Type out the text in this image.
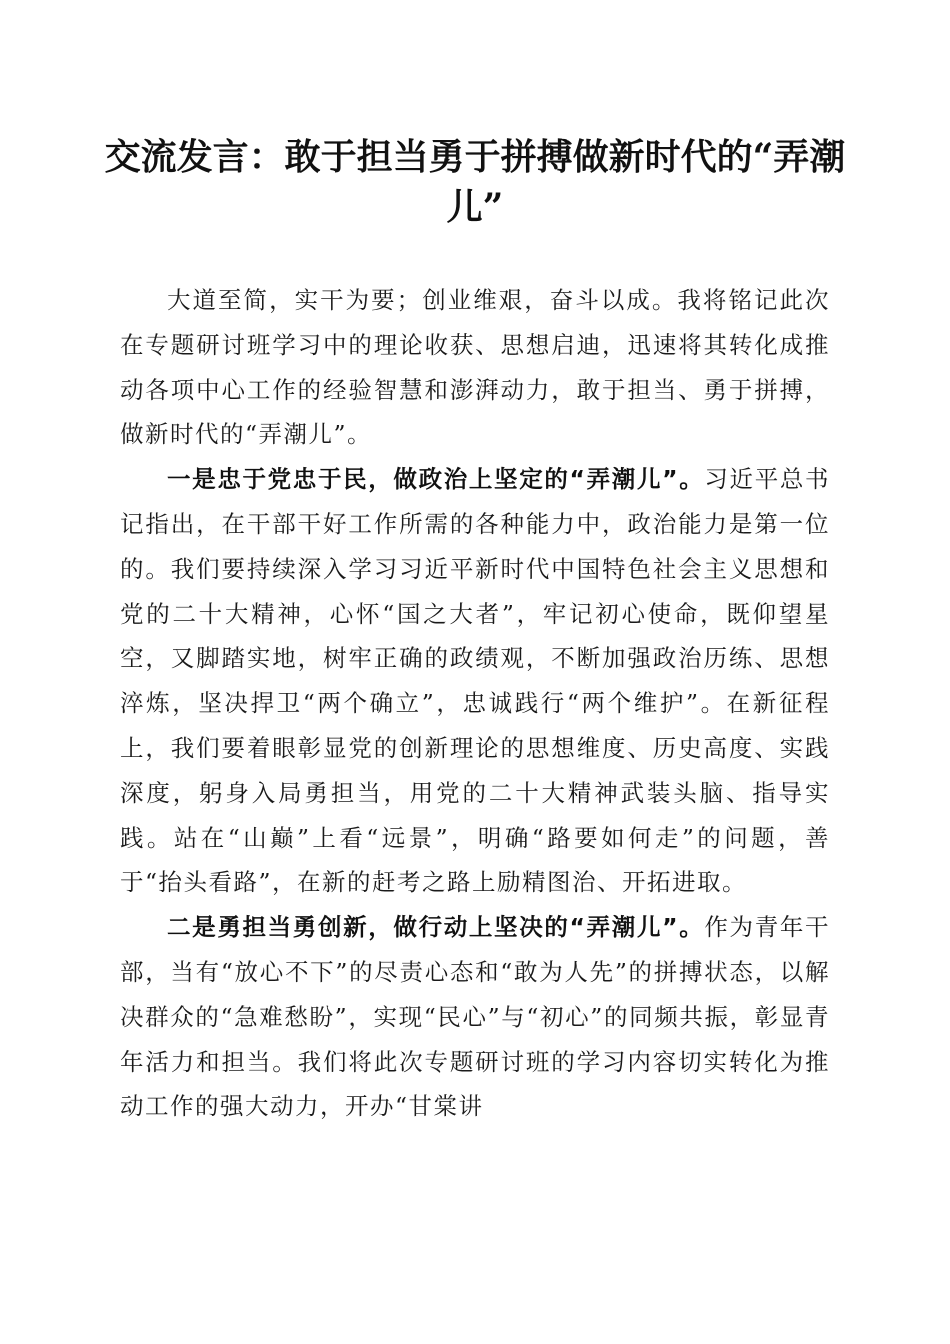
交流发言：敢于担当勇于拼搏做新时代的“弄潮儿”

大道至简，实干为要；创业维艰，奋斗以成。我将铭记此次在专题研讨班学习中的理论收获、思想启迪，迅速将其转化成推动各项中心工作的经验智慧和澎湃动力，敢于担当、勇于拼搏，做新时代的“弄潮儿”。

一是忠于党忠于民，做政治上坚定的“弄潮儿”。习近平总书记指出，在干部干好工作所需的各种能力中，政治能力是第一位的。我们要持续深入学习习近平新时代中国特色社会主义思想和党的二十大精神，心怀“国之大者”，牢记初心使命，既仰望星空，又脚踏实地，树牢正确的政绩观，不断加强政治历练、思想淬炼，坚决捍卫“两个确立”，忠诚践行“两个维护”。在新征程上，我们要着眼彰显党的创新理论的思想维度、历史高度、实践深度，躬身入局勇担当，用党的二十大精神武装头脑、指导实践。站在“山巅”上看“远景”，明确“路要如何走”的问题，善于“抬头看路”，在新的赶考之路上励精图治、开拓进取。

二是勇担当勇创新，做行动上坚决的“弄潮儿”。作为青年干部，当有“放心不下”的尽责心态和“敢为人先”的拼搏状态，以解决群众的“急难愁盼”，实现“民心”与“初心”的同频共振，彰显青年活力和担当。我们将此次专题研讨班的学习内容切实转化为推动工作的强大动力，开办“甘棠讲
